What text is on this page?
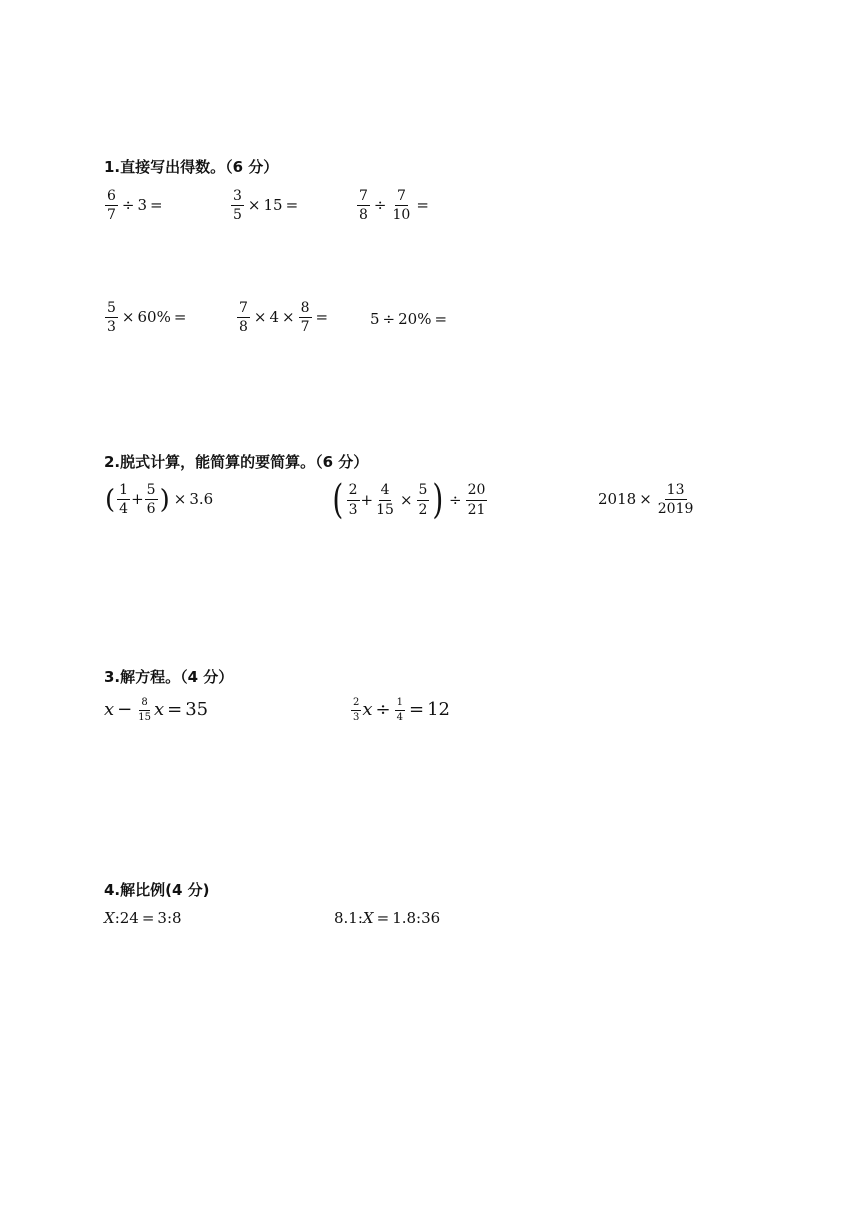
1.直接写出得数。（6 分）
$\frac{6}{7} \div 3$ =	$\frac{3}{5} \times 15$ =	$\frac{7}{8} \div \frac{7}{10}$ =
$\frac{5}{3} \times 60\%$ =	$\frac{7}{8} \times 4 \times \frac{8}{7}$ =	5 ÷ 20% =
2.脱式计算，能简算的要简算。（6 分）
( $\frac{1}{4} + \frac{5}{6}$ ) × 3.6	( $\frac{2}{3} + \frac{4}{15} \times \frac{5}{2}$ ) ÷ $\frac{20}{21}$	$2018 \times \frac{13}{2019}$
3.解方程。（4 分）
$x - \frac{8}{15}$ x = 35	$\frac{2}{3}$ $x \div \frac{1}{4} = 12$
4.解比例(4 分)
X :24 = 3:8	8.1: X = 1.8:36
